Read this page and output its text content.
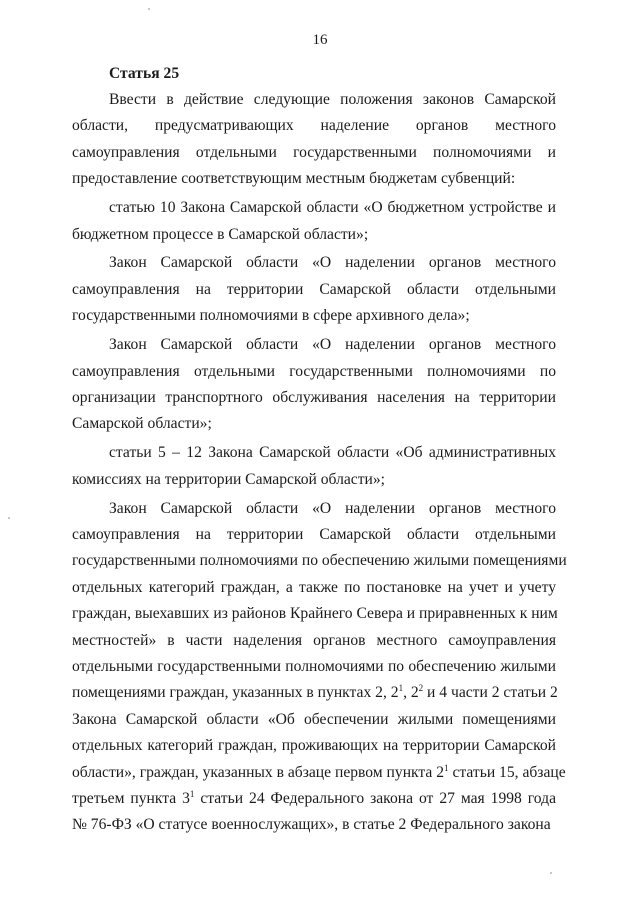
16

Статья 25

Ввести в действие следующие положения законов Самарской
области, предусматривающих наделение органов местного
самоуправления отдельными государственными полномочиями и
предоставление соответствующим местным бюджетам субвенций:

статью 10 Закона Самарской области «О бюджетном устройстве и
бюджетном процессе в Самарской области»;

Закон Самарской области «О наделении органов местного
самоуправления на территории Самарской области отдельными
государственными полномочиями в сфере архивного дела»;

Закон Самарской области «О наделении органов местного
самоуправления отдельными государственными полномочиями по
организации транспортного обслуживания населения на территории
Самарской области»;

статьи 5 – 12 Закона Самарской области «Об административных
комиссиях на территории Самарской области»;

Закон Самарской области «О наделении органов местного
самоуправления на территории Самарской области отдельными
государственными полномочиями по обеспечению жилыми помещениями
отдельных категорий граждан, а также по постановке на учет и учету
граждан, выехавших из районов Крайнего Севера и приравненных к ним
местностей» в части наделения органов местного самоуправления
отдельными государственными полномочиями по обеспечению жилыми
помещениями граждан, указанных в пунктах 2, $2^1$, $2^2$ и 4 части 2 статьи 2
Закона Самарской области «Об обеспечении жилыми помещениями
отдельных категорий граждан, проживающих на территории Самарской
области», граждан, указанных в абзаце первом пункта $2^1$ статьи 15, абзаце
третьем пункта $3^1$ статьи 24 Федерального закона от 27 мая 1998 года
№ 76-ФЗ «О статусе военнослужащих», в статье 2 Федерального закона
